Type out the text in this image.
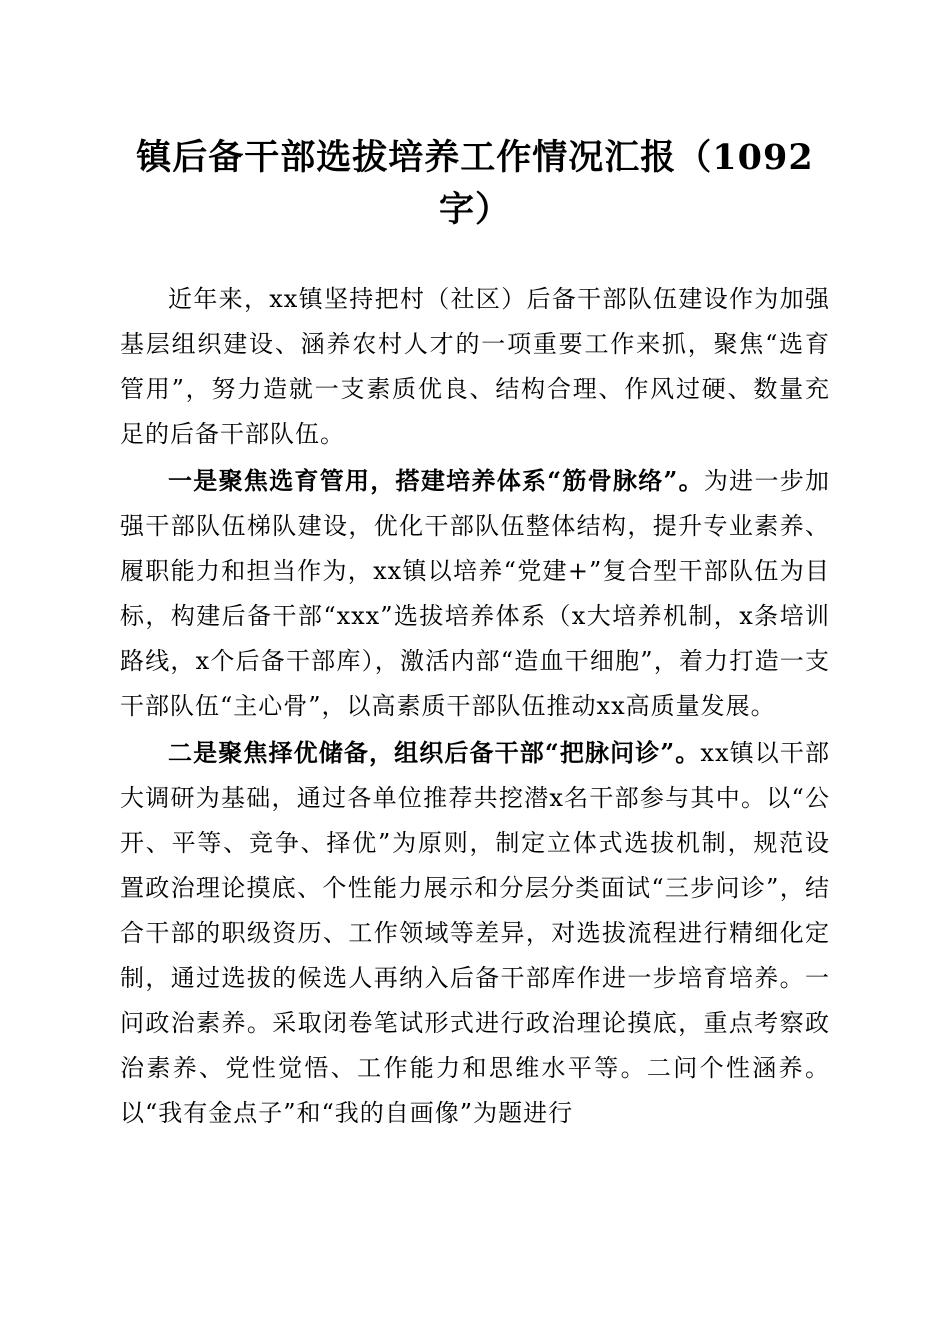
镇后备干部选拔培养工作情况汇报（1092
字）

近年来，xx镇坚持把村（社区）后备干部队伍建设作为加强基层组织建设、涵养农村人才的一项重要工作来抓，聚焦“选育管用”，努力造就一支素质优良、结构合理、作风过硬、数量充足的后备干部队伍。

一是聚焦选育管用，搭建培养体系“筋骨脉络”。为进一步加强干部队伍梯队建设，优化干部队伍整体结构，提升专业素养、履职能力和担当作为，xx镇以培养“党建+”复合型干部队伍为目标，构建后备干部“xxx”选拔培养体系（x大培养机制，x条培训路线，x个后备干部库），激活内部“造血干细胞”，着力打造一支干部队伍“主心骨”，以高素质干部队伍推动xx高质量发展。

二是聚焦择优储备，组织后备干部“把脉问诊”。xx镇以干部大调研为基础，通过各单位推荐共挖潜x名干部参与其中。以“公开、平等、竞争、择优”为原则，制定立体式选拔机制，规范设置政治理论摸底、个性能力展示和分层分类面试“三步问诊”，结合干部的职级资历、工作领域等差异，对选拔流程进行精细化定制，通过选拔的候选人再纳入后备干部库作进一步培育培养。一问政治素养。采取闭卷笔试形式进行政治理论摸底，重点考察政治素养、党性觉悟、工作能力和思维水平等。二问个性涵养。以“我有金点子”和“我的自画像”为题进行
